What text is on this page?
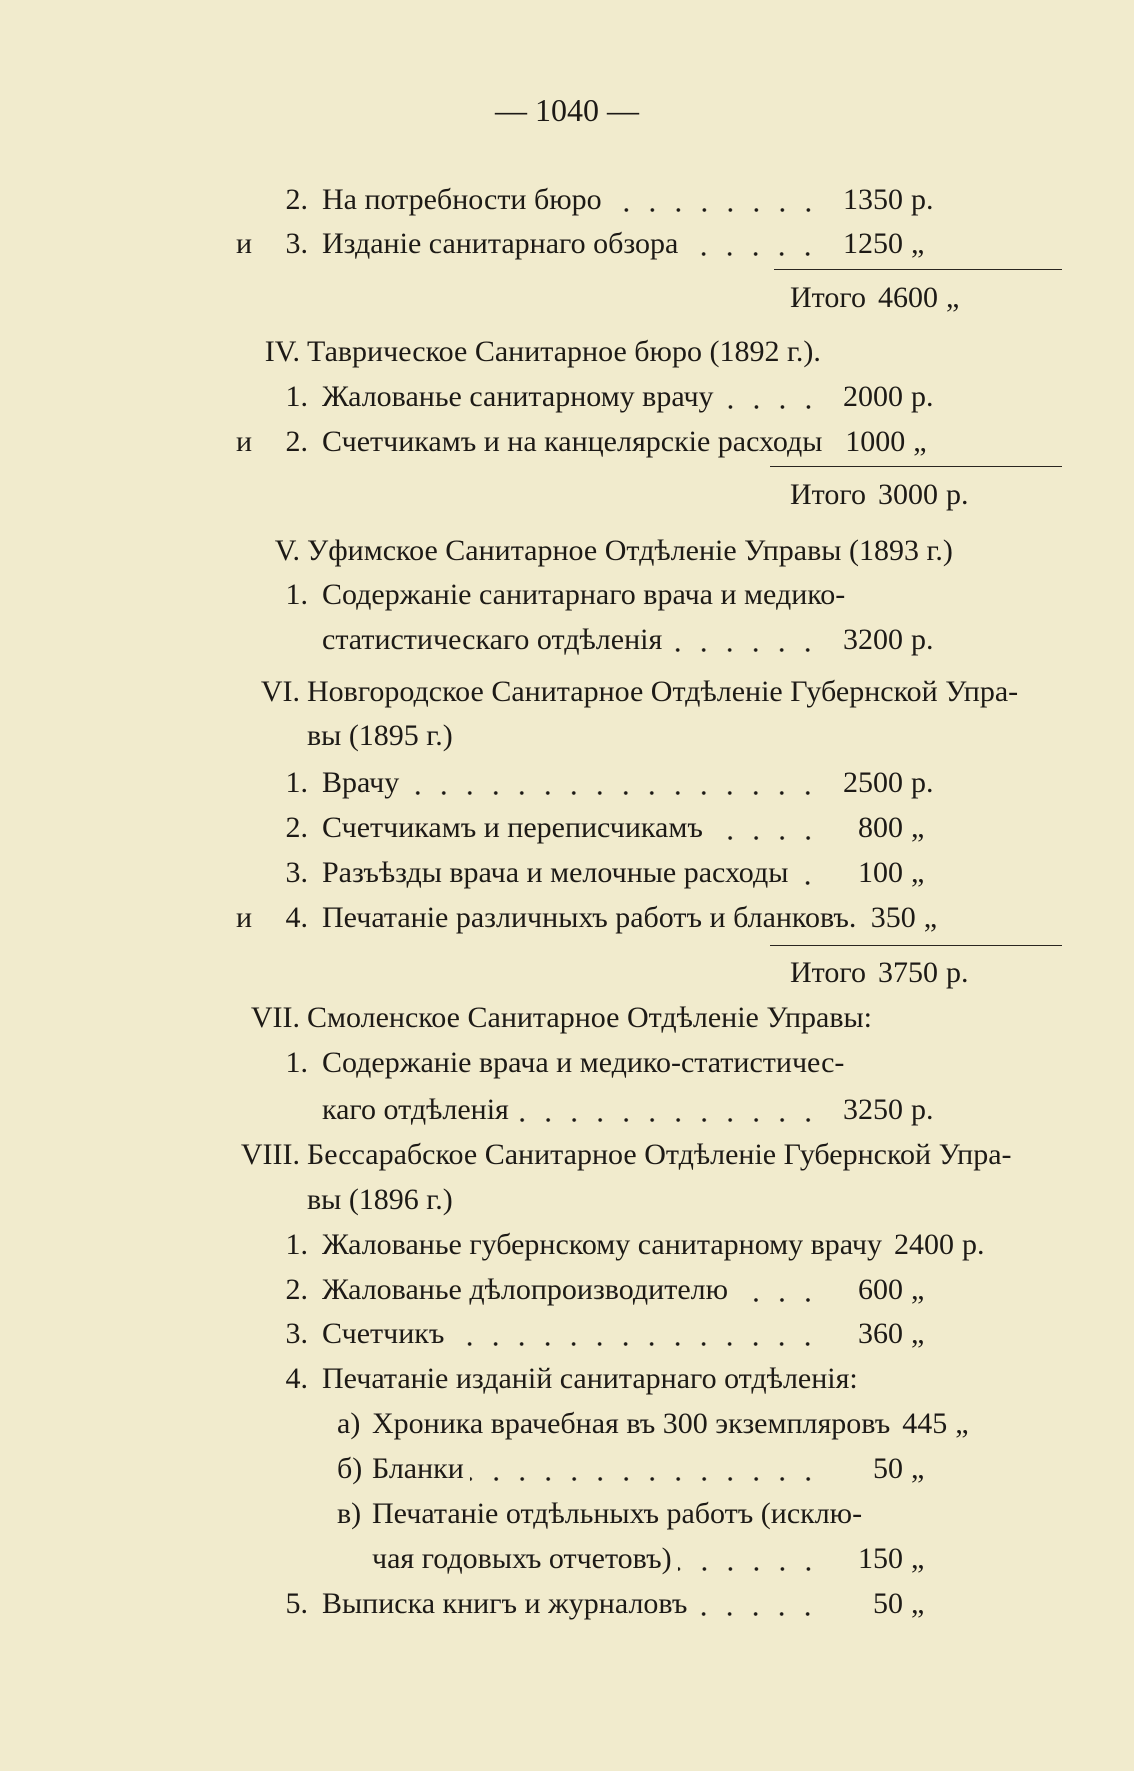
— 1040 —
2. На потребности бюро	1350 р.
и 3. Изданіе санитарнаго обзора	1250 „
Итого 4600 „
IV. Таврическое Санитарное бюро (1892 г.).
1. Жалованье санитарному врачу	2000 р.
и 2. Счетчикамъ и на канцелярскіе расходы 1000 „
Итого 3000 р.
V. Уфимское Санитарное Отдѣленіе Управы (1893 г.)
1. Содержаніе санитарнаго врача и медико-
статистическаго отдѣленія	3200 р.
VI. Новгородское Санитарное Отдѣленіе Губернской Упра-
вы (1895 г.)
1. Врачу	2500 р.
2. Счетчикамъ и переписчикамъ	800 „
3. Разъѣзды врача и мелочные расходы	100 „
и 4. Печатаніе различныхъ работъ и бланковъ. 350 „
Итого 3750 р.
VII. Смоленское Санитарное Отдѣленіе Управы:
1. Содержаніе врача и медико-статистичес-
каго отдѣленія	3250 р.
VIII. Бессарабское Санитарное Отдѣленіе Губернской Упра-
вы (1896 г.)
1. Жалованье губернскому санитарному врачу 2400 р.
2. Жалованье дѣлопроизводителю	600 „
3. Счетчикъ	360 „
4. Печатаніе изданій санитарнаго отдѣленія:
а) Хроника врачебная въ 300 экземпляровъ 445 „
б) Бланки	50 „
в) Печатаніе отдѣльныхъ работъ (исклю-
чая годовыхъ отчетовъ)	150 „
5. Выписка книгъ и журналовъ	50 „
